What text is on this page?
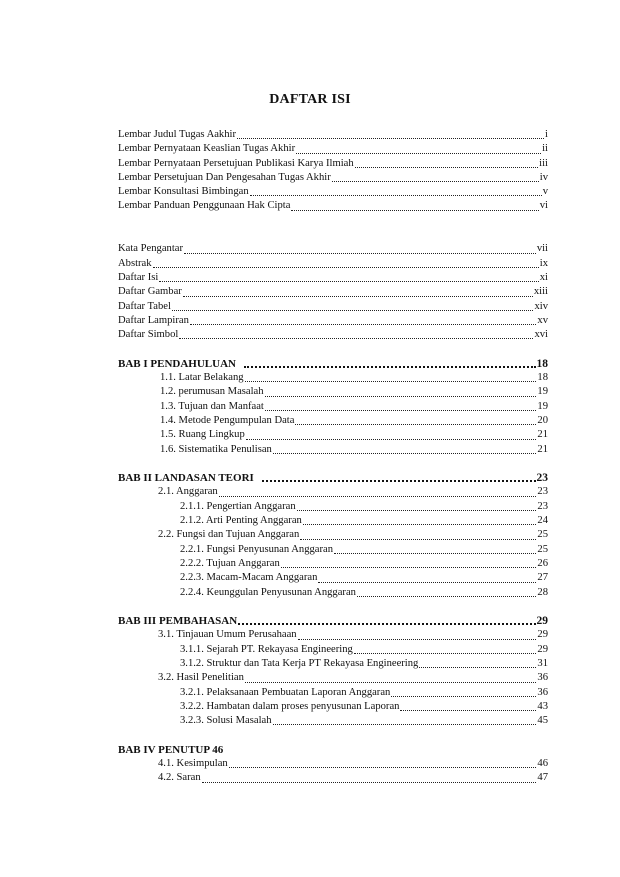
DAFTAR ISI
Lembar Judul Tugas Aakhir	i
Lembar Pernyataan Keaslian Tugas Akhir	ii
Lembar Pernyataan Persetujuan Publikasi Karya Ilmiah	iii
Lembar Persetujuan Dan Pengesahan Tugas Akhir	iv
Lembar Konsultasi Bimbingan	v
Lembar Panduan Penggunaan Hak Cipta	vi
Kata Pengantar	vii
Abstrak	ix
Daftar Isi	xi
Daftar Gambar	xiii
Daftar Tabel	xiv
Daftar Lampiran	xv
Daftar Simbol	xvi
BAB I PENDAHULUAN	18
1.1. Latar Belakang	18
1.2. perumusan Masalah	19
1.3. Tujuan dan Manfaat	19
1.4. Metode Pengumpulan Data	20
1.5. Ruang Lingkup	21
1.6. Sistematika Penulisan	21
BAB II LANDASAN TEORI	23
2.1. Anggaran	23
2.1.1. Pengertian Anggaran	23
2.1.2. Arti Penting Anggaran	24
2.2. Fungsi dan Tujuan Anggaran	25
2.2.1. Fungsi Penyusunan Anggaran	25
2.2.2. Tujuan Anggaran	26
2.2.3. Macam-Macam Anggaran	27
2.2.4. Keunggulan Penyusunan Anggaran	28
BAB III PEMBAHASAN	29
3.1. Tinjauan Umum Perusahaan	29
3.1.1. Sejarah PT. Rekayasa Engineering	29
3.1.2. Struktur dan Tata Kerja PT Rekayasa Engineering	31
3.2. Hasil Penelitian	36
3.2.1. Pelaksanaan Pembuatan Laporan Anggaran	36
3.2.2. Hambatan dalam proses penyusunan Laporan	43
3.2.3. Solusi Masalah	45
BAB IV PENUTUP 46
4.1. Kesimpulan	46
4.2. Saran	47
